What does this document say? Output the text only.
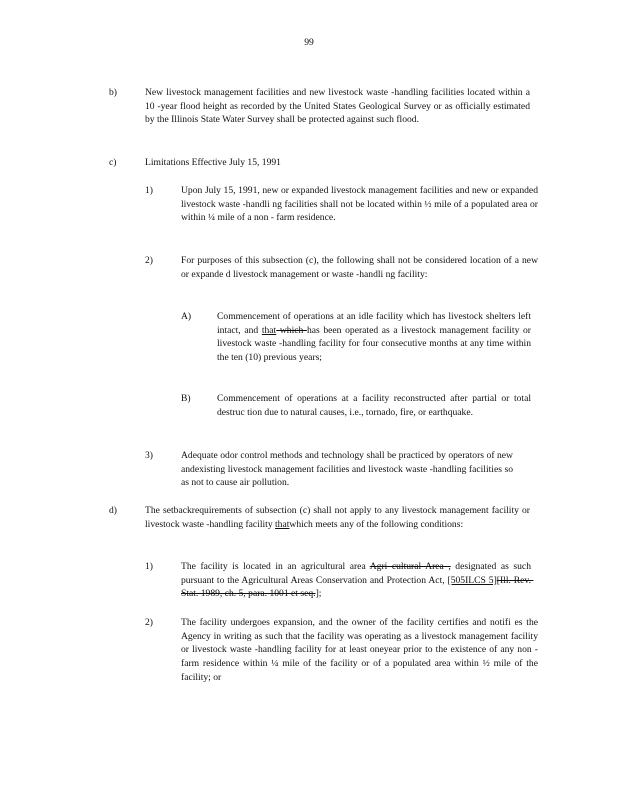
99
b)	New livestock management facilities and new livestock waste -handling facilities located within a 10 -year flood height as recorded by the United States Geological Survey or as officially estimated by the Illinois State Water Survey shall be protected against such flood.
c)	Limitations Effective July 15, 1991
1)	Upon July 15, 1991, new or expanded livestock management facilities and new or expanded livestock waste -handli ng facilities shall not be located within ½ mile of a populated area or within ¼ mile of a non - farm residence.
2)	For purposes of this subsection (c), the following shall not be considered location of a new or expande d livestock management or waste -handli ng facility:
A)	Commencement of operations at an idle facility which has livestock shelters left intact, and that which has been operated as a livestock management facility or livestock waste -handling facility for four consecutive months at any time within the ten (10) previous years;
B)	Commencement of operations at a facility reconstructed after partial or total destruc tion due to natural causes, i.e., tornado, fire, or earthquake.
3)	Adequate odor control methods and technology shall be practiced by operators of new andexisting livestock management facilities and livestock waste -handling facilities so as not to cause air pollution.
d)	The setbackrequirements of subsection (c) shall not apply to any livestock management facility or livestock waste -handling facility thatwhich meets any of the following conditions:
1)	The facility is located in an agricultural area Agri cultural Area , designated as such pursuant to the Agricultural Areas Conservation and Protection Act, [505ILCS 5][Ill. Rev. Stat. 1989, ch. 5, para. 1001 et seq.];
2)	The facility undergoes expansion, and the owner of the facility certifies and notifi es the Agency in writing as such that the facility was operating as a livestock management facility or livestock waste -handling facility for at least oneyear prior to the existence of any non -farm residence within ¼ mile of the facility or of a populated area within ½ mile of the facility; or
